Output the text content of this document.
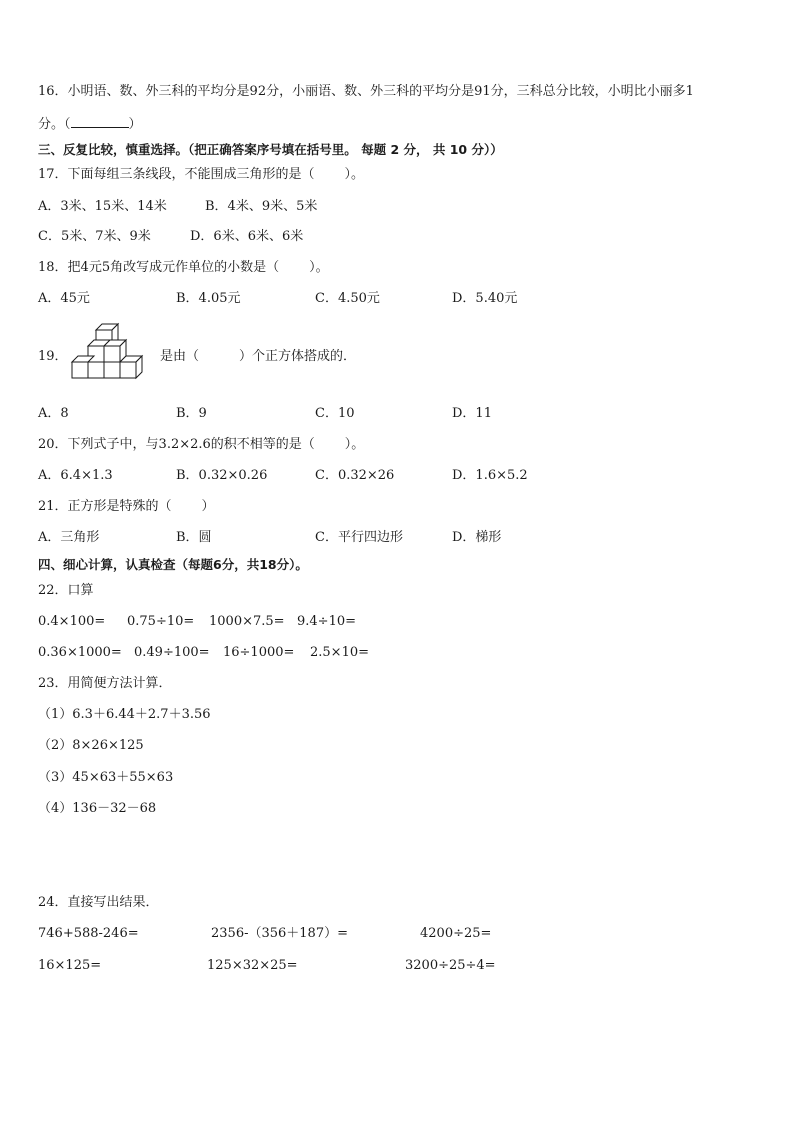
16．小明语、数、外三科的平均分是92分，小丽语、数、外三科的平均分是91分，三科总分比较，小明比小丽多1
分。（	）
三、反复比较，慎重选择。（把正确答案序号填在括号里。 每题 2 分， 共 10 分））
17．下面每组三条线段，不能围成三角形的是（ ）。
A．3米、15米、14米	B．4米、9米、5米
C．5米、7米、9米	D．6米、6米、6米
18．把4元5角改写成元作单位的小数是（ ）。
A．45元	B．4.05元	C．4.50元	D．5.40元
19．	是由（	）个正方体搭成的．
A．8	B．9	C．10	D．11
20．下列式子中，与3.2×2.6的积不相等的是（ ）。
A．6.4×1.3	B．0.32×0.26	C．0.32×26	D．1.6×5.2
21．正方形是特殊的（ ）
A．三角形	B．圆	C．平行四边形	D．梯形
四、细心计算，认真检查（每题6分，共18分）。
22．口算
0.4×100= 0.75÷10= 1000×7.5= 9.4÷10=
0.36×1000= 0.49÷100= 16÷1000= 2.5×10=
23．用简便方法计算．
（1）6.3＋6.44＋2.7＋3.56
（2）8×26×125
（3）45×63＋55×63
（4）136－32－68
24．直接写出结果．
746+588-246=	2356-（356＋187）=	4200÷25=
16×125=	125×32×25=	3200÷25÷4=
